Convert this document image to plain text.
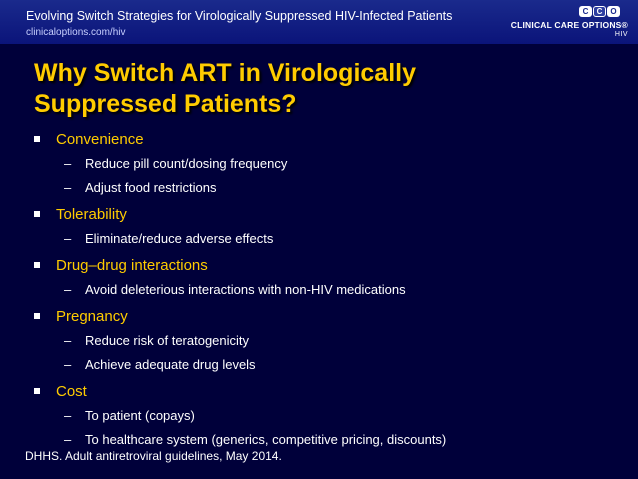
Evolving Switch Strategies for Virologically Suppressed HIV-Infected Patients
clinicaloptions.com/hiv
C	C O
CLINICAL CARE OPTIONS®
HIV
Why Switch ART in Virologically
Suppressed Patients?
Convenience
– Reduce pill count/dosing frequency
– Adjust food restrictions
Tolerability
– Eliminate/reduce adverse effects
Drug–drug interactions
– Avoid deleterious interactions with non-HIV medications
Pregnancy
– Reduce risk of teratogenicity
– Achieve adequate drug levels
Cost
– To patient (copays)
– To healthcare system (generics, competitive pricing, discounts)
DHHS. Adult antiretroviral guidelines, May 2014.
